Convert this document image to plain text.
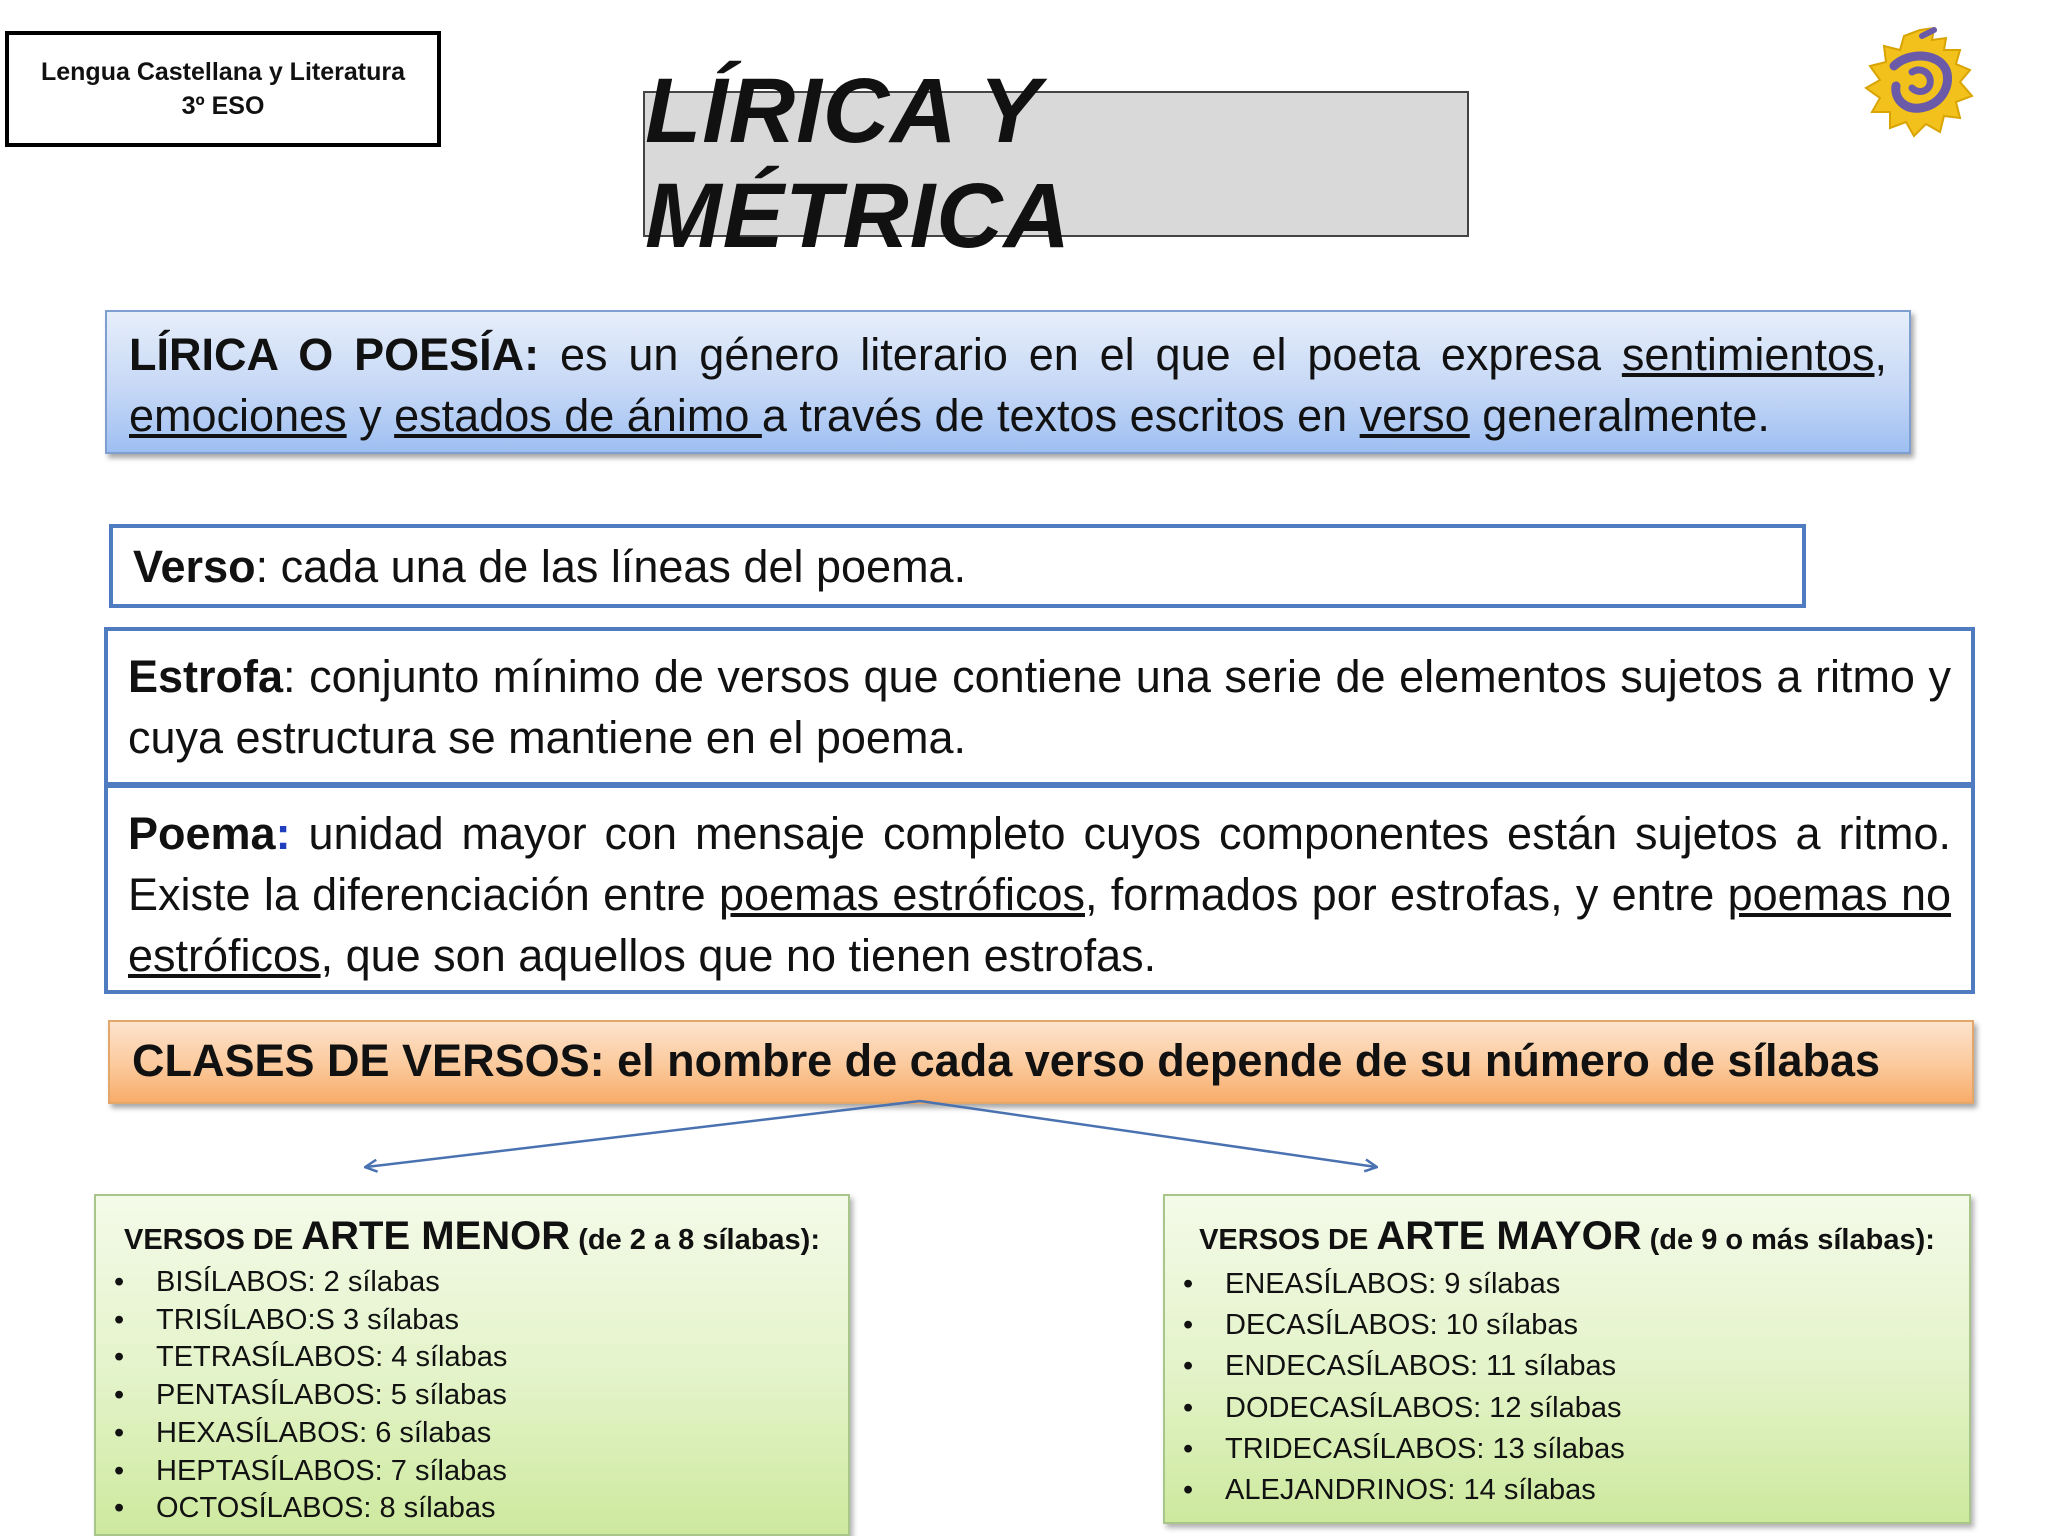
Lengua Castellana y Literatura
3º ESO	LÍRICA Y MÉTRICA
LÍRICA O POESÍA: es un género literario en el que el poeta expresa sentimientos, emociones y estados de ánimo a través de textos escritos en verso generalmente.
Verso: cada una de las líneas del poema.
Estrofa: conjunto mínimo de versos que contiene una serie de elementos sujetos a ritmo y cuya estructura se mantiene en el poema.
Poema: unidad mayor con mensaje completo cuyos componentes están sujetos a ritmo. Existe la diferenciación entre poemas estróficos, formados por estrofas, y entre poemas no estróficos, que son aquellos que no tienen estrofas.
CLASES DE VERSOS: el nombre de cada verso depende de su número de sílabas
VERSOS DE ARTE MENOR (de 2 a 8 sílabas):
• BISÍLABOS: 2 sílabas
• TRISÍLABO:S 3 sílabas
• TETRASÍLABOS: 4 sílabas
• PENTASÍLABOS: 5 sílabas
• HEXASÍLABOS: 6 sílabas
• HEPTASÍLABOS: 7 sílabas
• OCTOSÍLABOS: 8 sílabas
VERSOS DE ARTE MAYOR (de 9 o más sílabas):
• ENEASÍLABOS: 9 sílabas
• DECASÍLABOS: 10 sílabas
• ENDECASÍLABOS: 11 sílabas
• DODECASÍLABOS: 12 sílabas
• TRIDECASÍLABOS: 13 sílabas
• ALEJANDRINOS: 14 sílabas
